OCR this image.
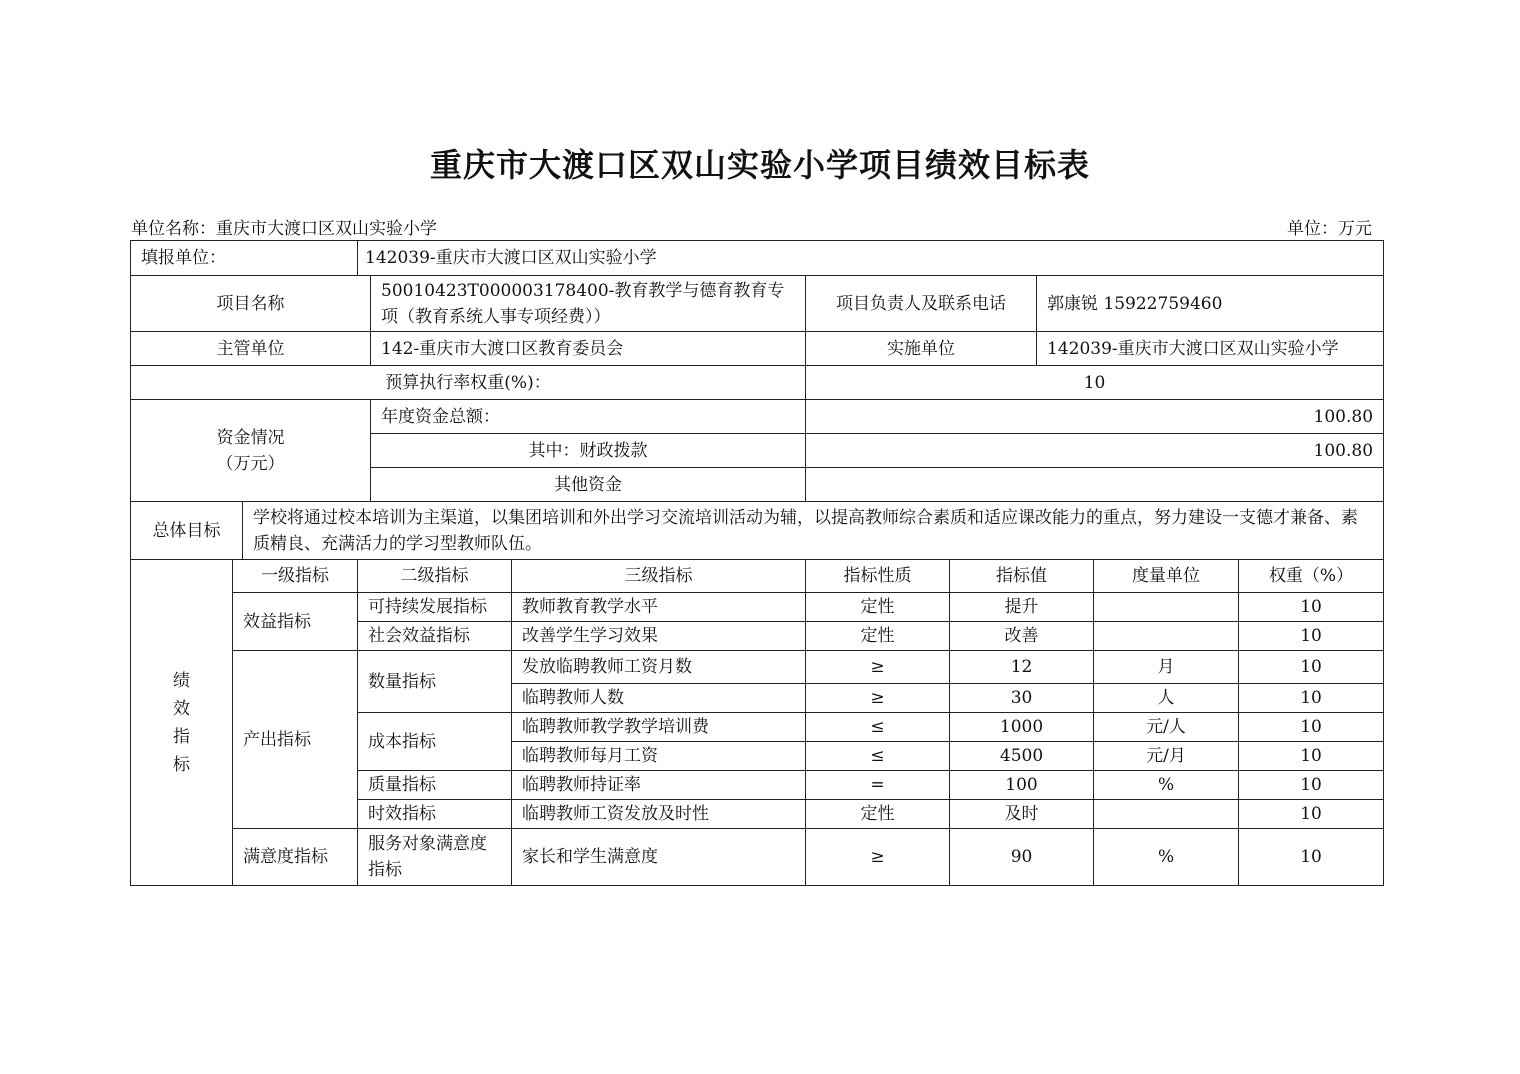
重庆市大渡口区双山实验小学项目绩效目标表
单位名称：重庆市大渡口区双山实验小学	单位：万元
填报单位：			142039-重庆市大渡口区双山实验小学							
项目名称				50010423T000003178400-教育教学与德育教育专项（教育系统人事专项经费））		项目负责人及联系电话		郭康锐 15922759460		
主管单位				142-重庆市大渡口区教育委员会		实施单位		142039-重庆市大渡口区双山实验小学		
预算执行率权重(%)：						10				

资金情况
（万元）				年度资金总额：		100.80				
				其中：财政拨款		100.80				
				其他资金						
总体目标		学校将通过校本培训为主渠道，以集团培训和外出学习交流培训活动为辅，以提高教师综合素质和适应课改能力的重点，努力建设一支德才兼备、素质精良、充满活力的学习型教师队伍。								

绩
效
指
标	一级指标		二级指标		三级指标	指标性质	指标值		度量单位	权重（%）
	效益指标		可持续发展指标		教师教育教学水平	定性	提升			10
			社会效益指标		改善学生学习效果	定性	改善			10
	产出指标		数量指标		发放临聘教师工资月数	≥	12		月	10
					临聘教师人数	≥	30		人	10
			成本指标		临聘教师教学教学培训费	≤	1000		元/人	10
					临聘教师每月工资	≤	4500		元/月	10
			质量指标		临聘教师持证率	=	100		%	10
			时效指标		临聘教师工资发放及时性	定性	及时			10
	满意度指标		服务对象满意度指标		家长和学生满意度	≥	90		%	10
